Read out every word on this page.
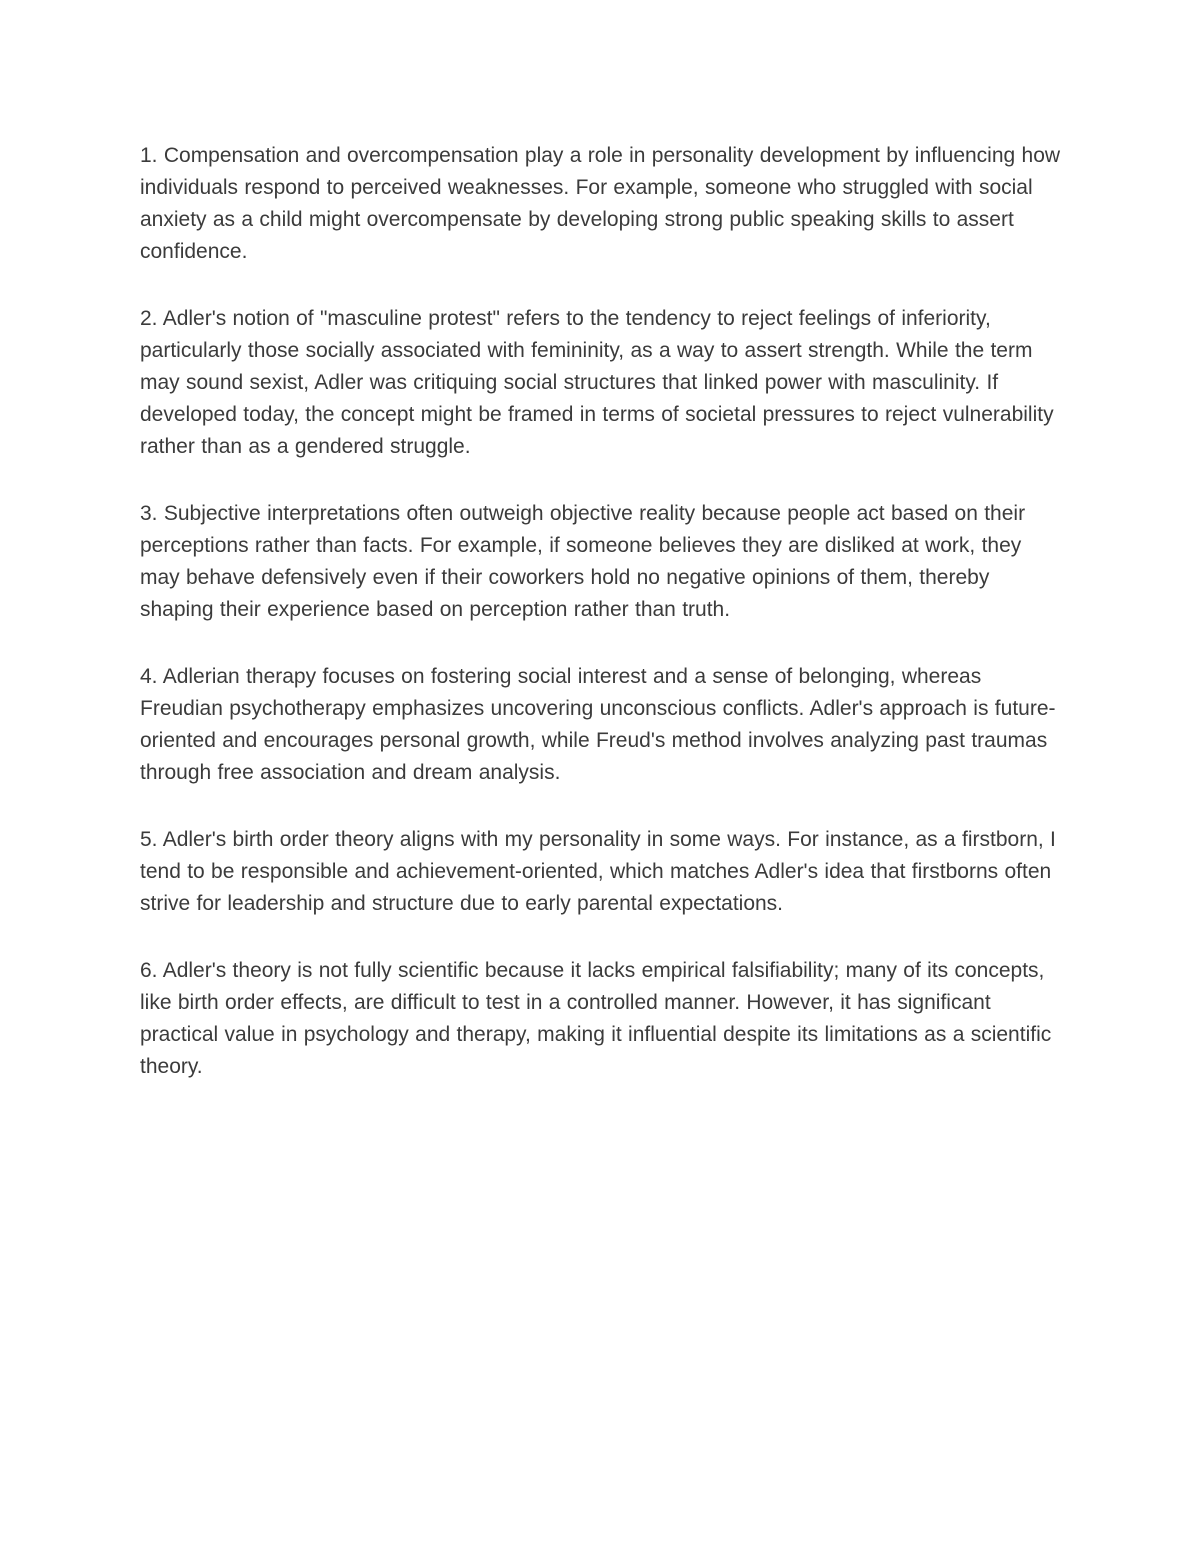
1. Compensation and overcompensation play a role in personality development by influencing how individuals respond to perceived weaknesses. For example, someone who struggled with social anxiety as a child might overcompensate by developing strong public speaking skills to assert confidence.

2. Adler's notion of "masculine protest" refers to the tendency to reject feelings of inferiority, particularly those socially associated with femininity, as a way to assert strength. While the term may sound sexist, Adler was critiquing social structures that linked power with masculinity. If developed today, the concept might be framed in terms of societal pressures to reject vulnerability rather than as a gendered struggle.

3. Subjective interpretations often outweigh objective reality because people act based on their perceptions rather than facts. For example, if someone believes they are disliked at work, they may behave defensively even if their coworkers hold no negative opinions of them, thereby shaping their experience based on perception rather than truth.

4. Adlerian therapy focuses on fostering social interest and a sense of belonging, whereas Freudian psychotherapy emphasizes uncovering unconscious conflicts. Adler's approach is future-oriented and encourages personal growth, while Freud's method involves analyzing past traumas through free association and dream analysis.

5. Adler's birth order theory aligns with my personality in some ways. For instance, as a firstborn, I tend to be responsible and achievement-oriented, which matches Adler's idea that firstborns often strive for leadership and structure due to early parental expectations.

6. Adler's theory is not fully scientific because it lacks empirical falsifiability; many of its concepts, like birth order effects, are difficult to test in a controlled manner. However, it has significant practical value in psychology and therapy, making it influential despite its limitations as a scientific theory.
